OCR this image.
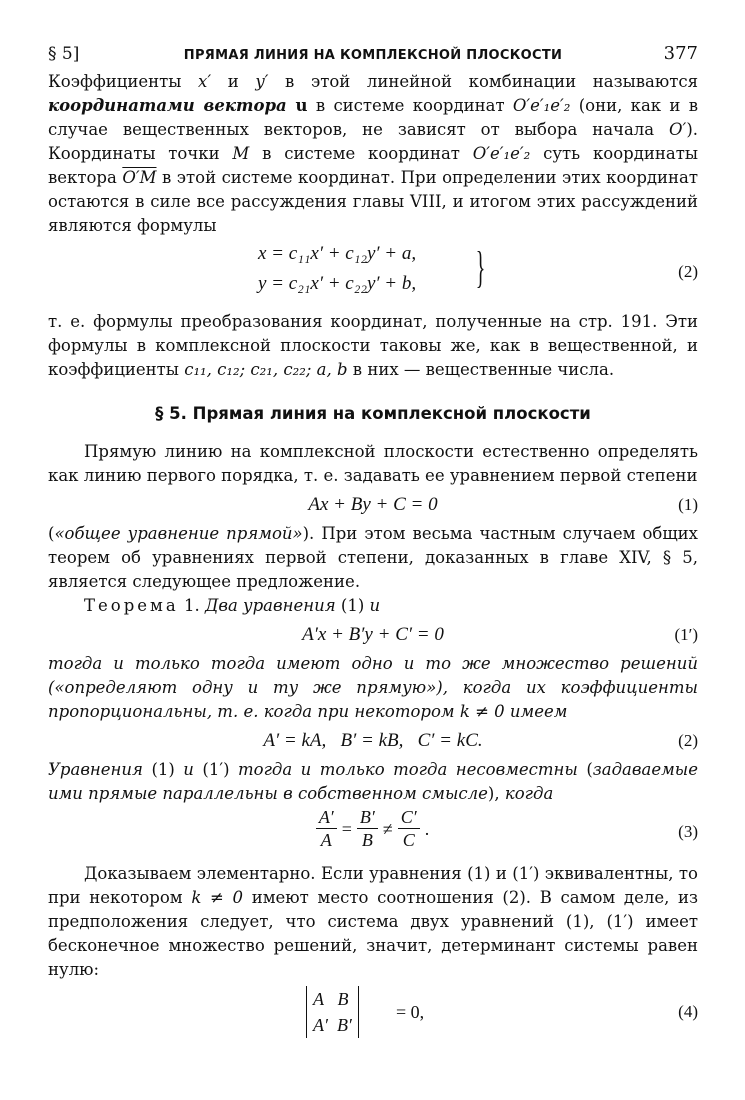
§ 5]	ПРЯМАЯ ЛИНИЯ НА КОМПЛЕКСНОЙ ПЛОСКОСТИ	377

Коэффициенты x′ и y′ в этой линейной комбинации называются координатами вектора u в системе координат O′e′₁e′₂ (они, как и в случае вещественных векторов, не зависят от выбора начала O′). Координаты точки M в системе координат O′e′₁e′₂ суть координаты вектора O′M в этой системе координат. При определении этих координат остаются в силе все рассуждения главы VIII, и итогом этих рассуждений являются формулы

x = c₁₁x′ + c₁₂y′ + a,
y = c₂₁x′ + c₂₂y′ + b, }	(2)

т. е. формулы преобразования координат, полученные на стр. 191. Эти формулы в комплексной плоскости таковы же, как в вещественной, и коэффициенты c₁₁, c₁₂; c₂₁, c₂₂; a, b в них — вещественные числа.

§ 5. Прямая линия на комплексной плоскости

Прямую линию на комплексной плоскости естественно определять как линию первого порядка, т. е. задавать ее уравнением первой степени

Ax + By + C = 0	(1)

(«общее уравнение прямой»). При этом весьма частным случаем общих теорем об уравнениях первой степени, доказанных в главе XIV, § 5, является следующее предложение.

Теорема 1. Два уравнения (1) и

A′x + B′y + C′ = 0	(1′)

тогда и только тогда имеют одно и то же множество решений («определяют одну и ту же прямую»), когда их коэффициенты пропорциональны, т. е. когда при некотором k ≠ 0 имеем

A′ = kA,   B′ = kB,   C′ = kC.	(2)

Уравнения (1) и (1′) тогда и только тогда несовместны (задаваемые ими прямые параллельны в собственном смысле), когда

$\frac{A'}{A} = \frac{B'}{B} \ne \frac{C'}{C}$ .	(3)

Доказываем элементарно. Если уравнения (1) и (1′) эквивалентны, то при некотором k ≠ 0 имеют место соотношения (2). В самом деле, из предположения следует, что система двух уравнений (1), (1′) имеет бесконечное множество решений, значит, детерминант системы равен нулю:

A B
A′ B′
= 0,	(4)
